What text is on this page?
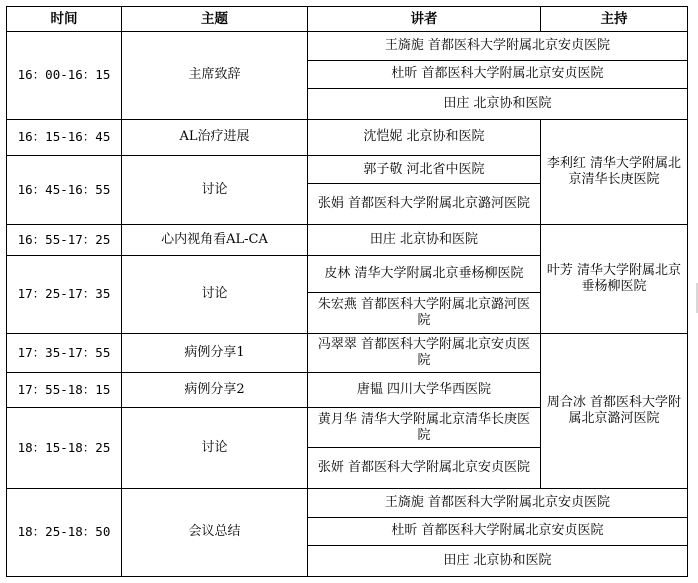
时间	主题	讲者	主持
16：00-16：15	主席致辞	王旖旎 首都医科大学附属北京安贞医院	
		杜昕 首都医科大学附属北京安贞医院	
		田庄 北京协和医院	
16：15-16：45	AL治疗进展	沈恺妮 北京协和医院	李利红 清华大学附属北京清华长庚医院
16：45-16：55	讨论	郭子敬 河北省中医院	
		张娟 首都医科大学附属北京潞河医院	
16：55-17：25	心内视角看AL-CA	田庄 北京协和医院	叶芳 清华大学附属北京垂杨柳医院
17：25-17：35	讨论	皮林 清华大学附属北京垂杨柳医院	
		朱宏燕 首都医科大学附属北京潞河医院	
17：35-17：55	病例分享1	冯翠翠 首都医科大学附属北京安贞医院	周合冰 首都医科大学附属北京潞河医院
17：55-18：15	病例分享2	唐韫 四川大学华西医院	
18：15-18：25	讨论	黄月华 清华大学附属北京清华长庚医院	
		张妍 首都医科大学附属北京安贞医院	
18：25-18：50	会议总结	王旖旎 首都医科大学附属北京安贞医院	
		杜昕 首都医科大学附属北京安贞医院	
		田庄 北京协和医院	
